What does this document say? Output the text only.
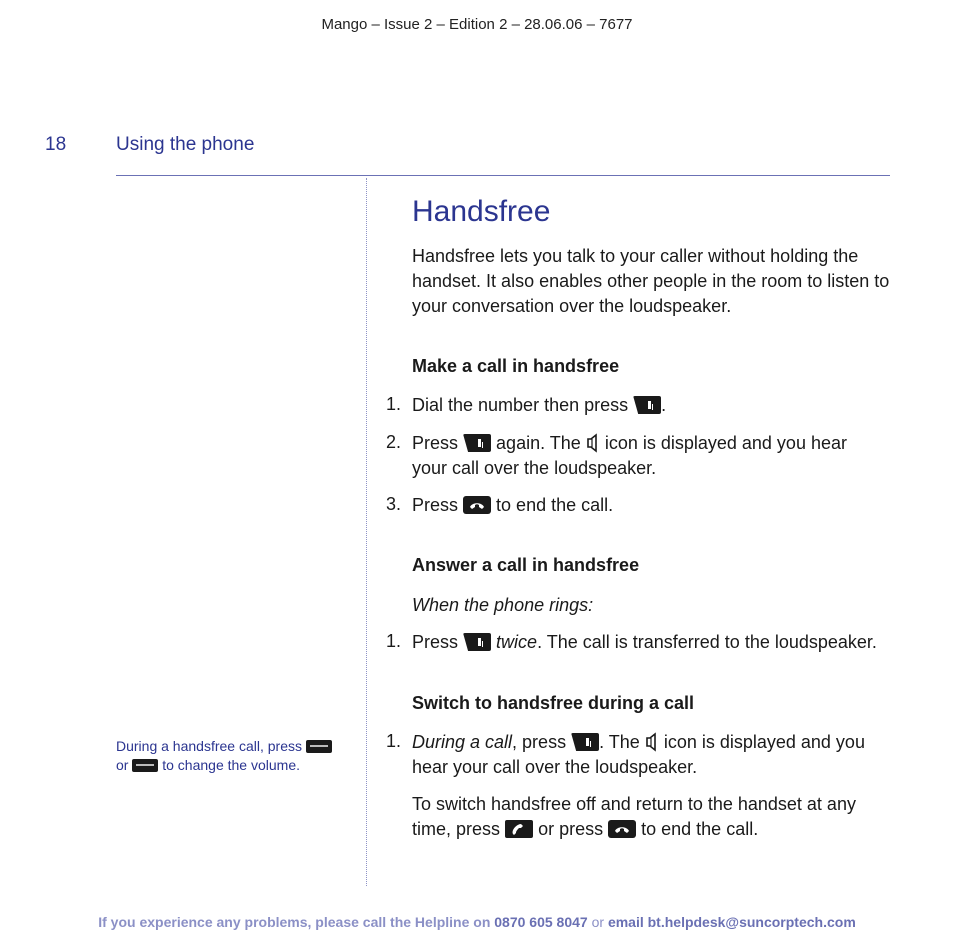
Mango – Issue 2 – Edition 2 – 28.06.06 – 7677
18	Using the phone
Handsfree
Handsfree lets you talk to your caller without holding the handset. It also enables other people in the room to listen to your conversation over the loudspeaker.
Make a call in handsfree
1. Dial the number then press .
2. Press again. The icon is displayed and you hear
your call over the loudspeaker.
3. Press to end the call.
Answer a call in handsfree
When the phone rings:
1. Press twice. The call is transferred to the loudspeaker.
Switch to handsfree during a call
1. During a call, press . The icon is displayed and you
hear your call over the loudspeaker.
To switch handsfree off and return to the handset at any
time, press or press to end the call.
During a handsfree call, press
or to change the volume.
If you experience any problems, please call the Helpline on 0870 605 8047 or email bt.helpdesk@suncorptech.com
